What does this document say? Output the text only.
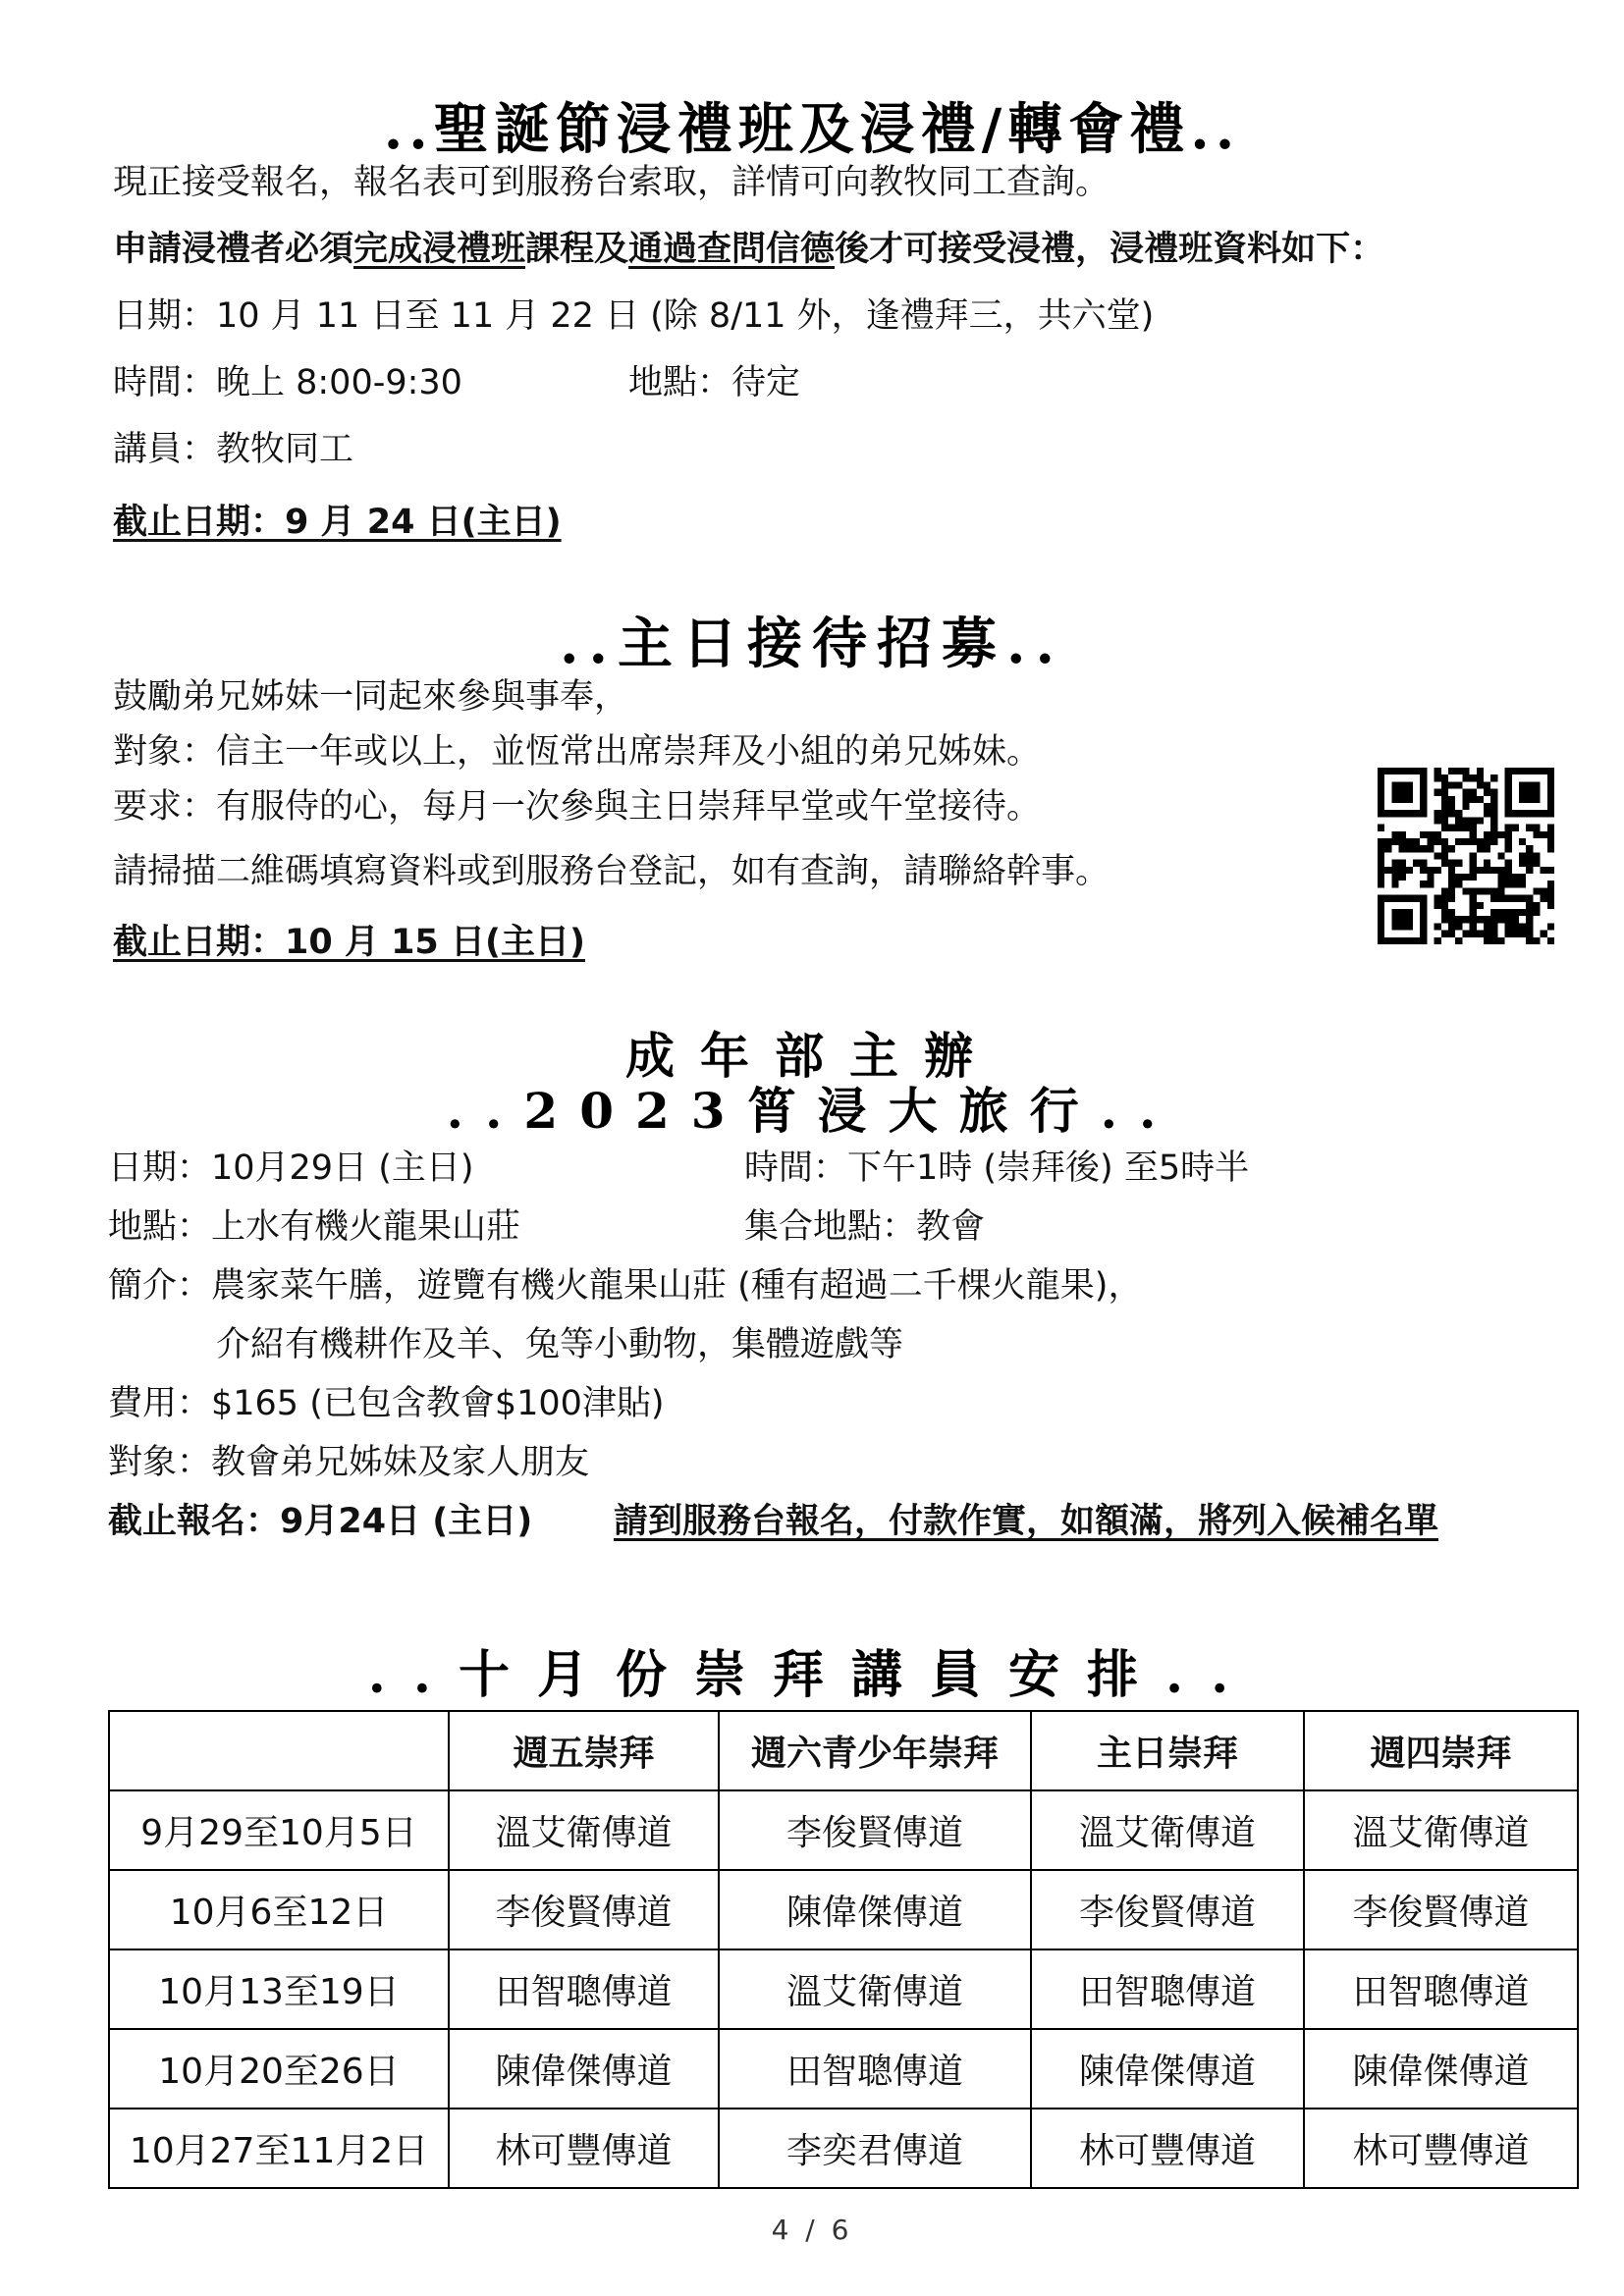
..聖誕節浸禮班及浸禮/轉會禮..
現正接受報名，報名表可到服務台索取，詳情可向教牧同工查詢。
申請浸禮者必須完成浸禮班課程及通過查問信德後才可接受浸禮，浸禮班資料如下：
日期：10 月 11 日至 11 月 22 日 (除 8/11 外，逢禮拜三，共六堂)
時間：晚上 8:00-9:30	地點：待定
講員：教牧同工
截止日期：9 月 24 日(主日)
..主日接待招募..
鼓勵弟兄姊妹一同起來參與事奉，
對象：信主一年或以上，並恆常出席崇拜及小組的弟兄姊妹。
要求：有服侍的心，每月一次參與主日崇拜早堂或午堂接待。
請掃描二維碼填寫資料或到服務台登記，如有查詢，請聯絡幹事。
截止日期：10 月 15 日(主日)
成年部主辦
..2023筲浸大旅行..
日期：10月29日 (主日)	時間：下午1時 (崇拜後) 至5時半
地點：上水有機火龍果山莊	集合地點：教會
簡介：農家菜午膳，遊覽有機火龍果山莊 (種有超過二千棵火龍果)，
介紹有機耕作及羊、兔等小動物，集體遊戲等
費用：$165 (已包含教會$100津貼)
對象：教會弟兄姊妹及家人朋友
截止報名：9月24日 (主日) 請到服務台報名，付款作實，如額滿，將列入候補名單
..十月份崇拜講員安排..
	週五崇拜	週六青少年崇拜	主日崇拜	週四崇拜
9月29至10月5日	溫艾衛傳道	李俊賢傳道	溫艾衛傳道	溫艾衛傳道
10月6至12日	李俊賢傳道	陳偉傑傳道	李俊賢傳道	李俊賢傳道
10月13至19日	田智聰傳道	溫艾衛傳道	田智聰傳道	田智聰傳道
10月20至26日	陳偉傑傳道	田智聰傳道	陳偉傑傳道	陳偉傑傳道
10月27至11月2日	林可豐傳道	李奕君傳道	林可豐傳道	林可豐傳道
4 / 6
